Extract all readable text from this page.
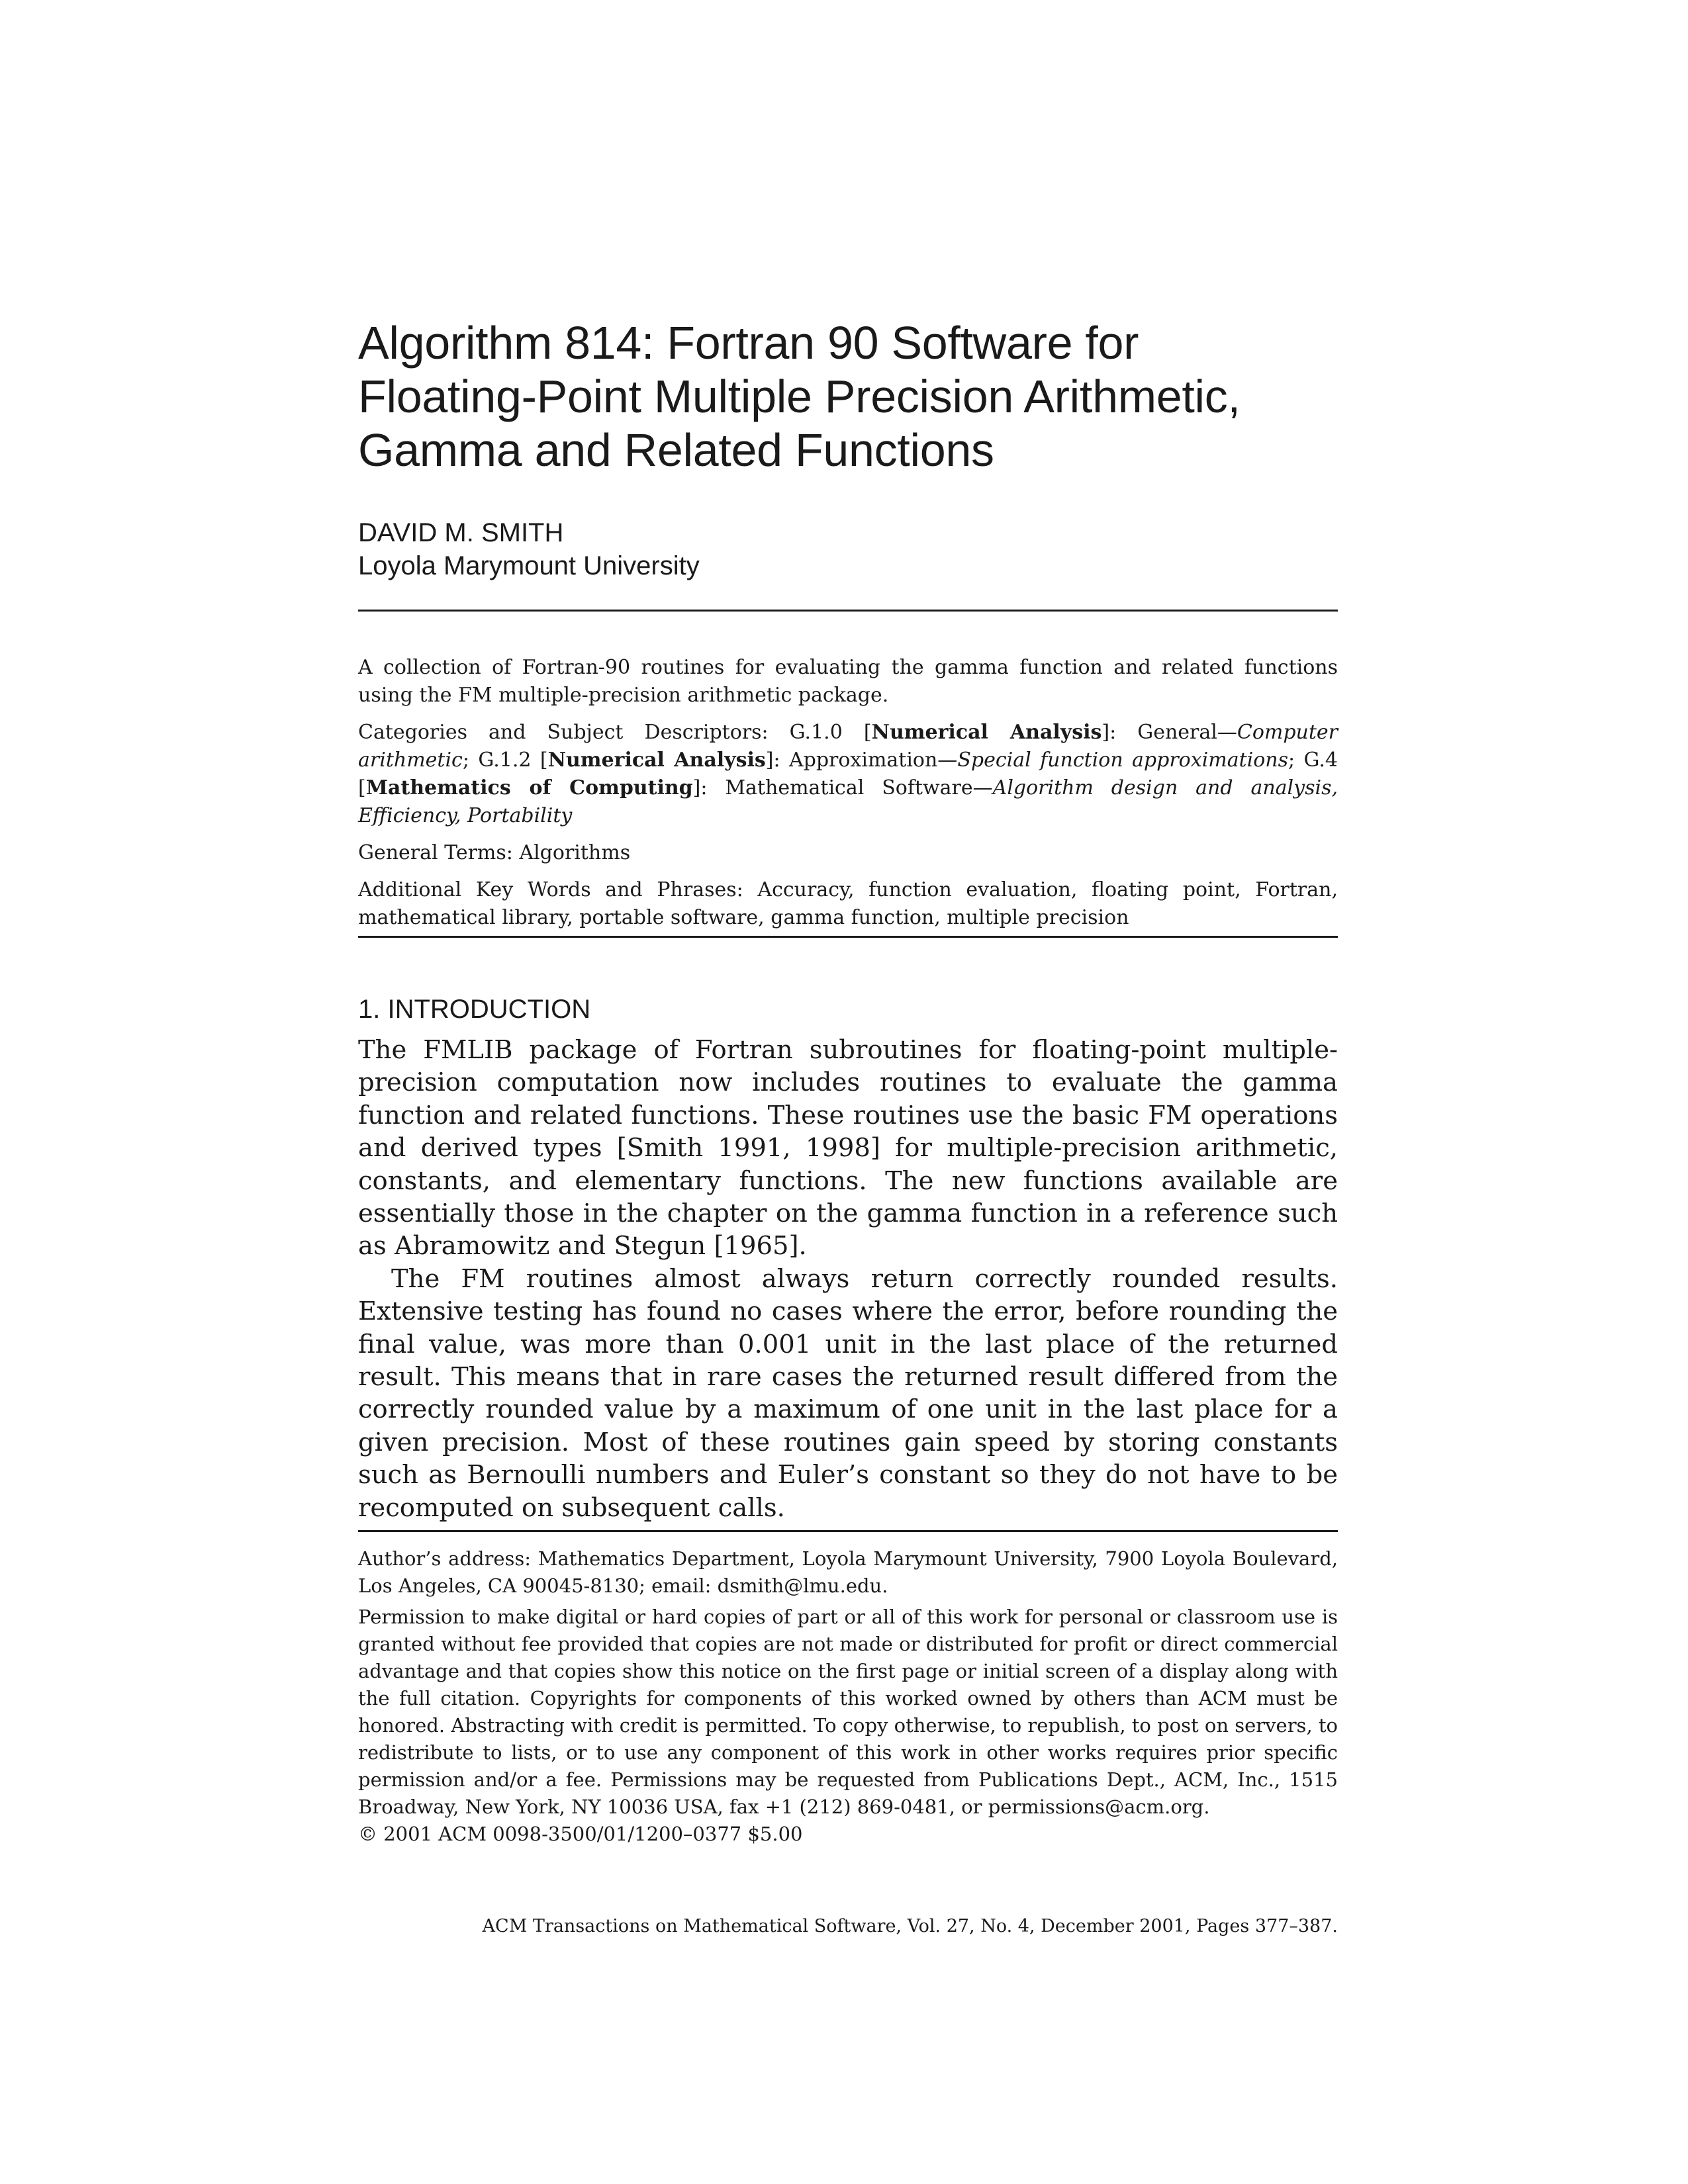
Algorithm 814: Fortran 90 Software for
Floating-Point Multiple Precision Arithmetic,
Gamma and Related Functions
DAVID M. SMITH
Loyola Marymount University

A collection of Fortran-90 routines for evaluating the gamma function and related functions using the FM multiple-precision arithmetic package.

Categories and Subject Descriptors: G.1.0 [Numerical Analysis]: General—Computer arithmetic; G.1.2 [Numerical Analysis]: Approximation—Special function approximations; G.4 [Mathematics of Computing]: Mathematical Software—Algorithm design and analysis, Efficiency, Portability

General Terms: Algorithms

Additional Key Words and Phrases: Accuracy, function evaluation, floating point, Fortran, mathematical library, portable software, gamma function, multiple precision

1. INTRODUCTION

The FMLIB package of Fortran subroutines for floating-point multiple-precision computation now includes routines to evaluate the gamma function and related functions. These routines use the basic FM operations and derived types [Smith 1991, 1998] for multiple-precision arithmetic, constants, and elementary functions. The new functions available are essentially those in the chapter on the gamma function in a reference such as Abramowitz and Stegun [1965].

The FM routines almost always return correctly rounded results. Extensive testing has found no cases where the error, before rounding the final value, was more than 0.001 unit in the last place of the returned result. This means that in rare cases the returned result differed from the correctly rounded value by a maximum of one unit in the last place for a given precision. Most of these routines gain speed by storing constants such as Bernoulli numbers and Euler’s constant so they do not have to be recomputed on subsequent calls.

Author’s address: Mathematics Department, Loyola Marymount University, 7900 Loyola Boulevard, Los Angeles, CA 90045-8130; email: dsmith@lmu.edu.

Permission to make digital or hard copies of part or all of this work for personal or classroom use is granted without fee provided that copies are not made or distributed for profit or direct commercial advantage and that copies show this notice on the first page or initial screen of a display along with the full citation. Copyrights for components of this worked owned by others than ACM must be honored. Abstracting with credit is permitted. To copy otherwise, to republish, to post on servers, to redistribute to lists, or to use any component of this work in other works requires prior specific permission and/or a fee. Permissions may be requested from Publications Dept., ACM, Inc., 1515 Broadway, New York, NY 10036 USA, fax +1 (212) 869-0481, or permissions@acm.org.

© 2001 ACM 0098-3500/01/1200–0377 $5.00

ACM Transactions on Mathematical Software, Vol. 27, No. 4, December 2001, Pages 377–387.
